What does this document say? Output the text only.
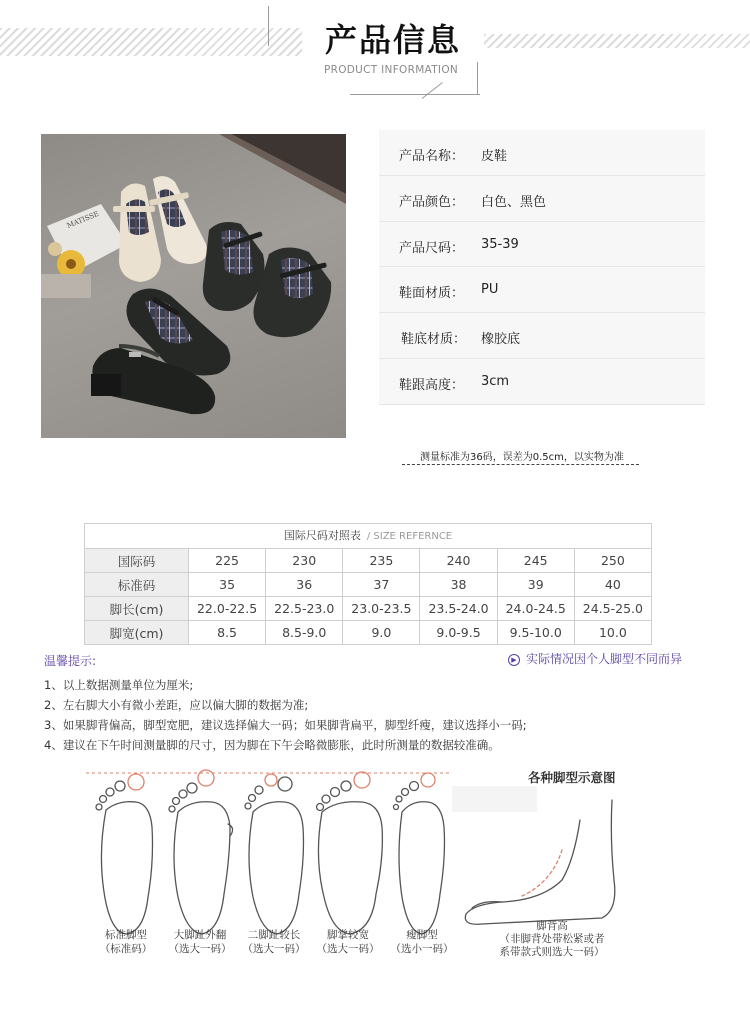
产品信息
PRODUCT INFORMATION
MATISSE
产品名称： 皮鞋
产品颜色： 白色、黑色
产品尺码： 35-39
鞋面材质： PU
鞋底材质： 橡胶底
鞋跟高度： 3cm
测量标准为36码，误差为0.5cm，以实物为准
国际尺码对照表 / SIZE REFERNCE
国际码	225	230	235	240	245	250
标准码	35	36	37	38	39	40
脚长(cm)	22.0-22.5	22.5-23.0	23.0-23.5	23.5-24.0	24.0-24.5	24.5-25.0
脚宽(cm)	8.5	8.5-9.0	9.0	9.0-9.5	9.5-10.0	10.0
温馨提示:	▶ 实际情况因个人脚型不同而异
1、以上数据测量单位为厘米;
2、左右脚大小有微小差距，应以偏大脚的数据为准;
3、如果脚背偏高，脚型宽肥，建议选择偏大一码；如果脚背扁平，脚型纤瘦，建议选择小一码;
4、建议在下午时间测量脚的尺寸，因为脚在下午会略微膨胀，此时所测量的数据较准确。
各种脚型示意图
标准脚型
（标准码）
大脚趾外翻
（选大一码）
二脚趾较长
（选大一码）
脚掌较宽
（选大一码）
瘦脚型
（选小一码）
脚背高
（非脚背处带松紧或者
系带款式则选大一码）
